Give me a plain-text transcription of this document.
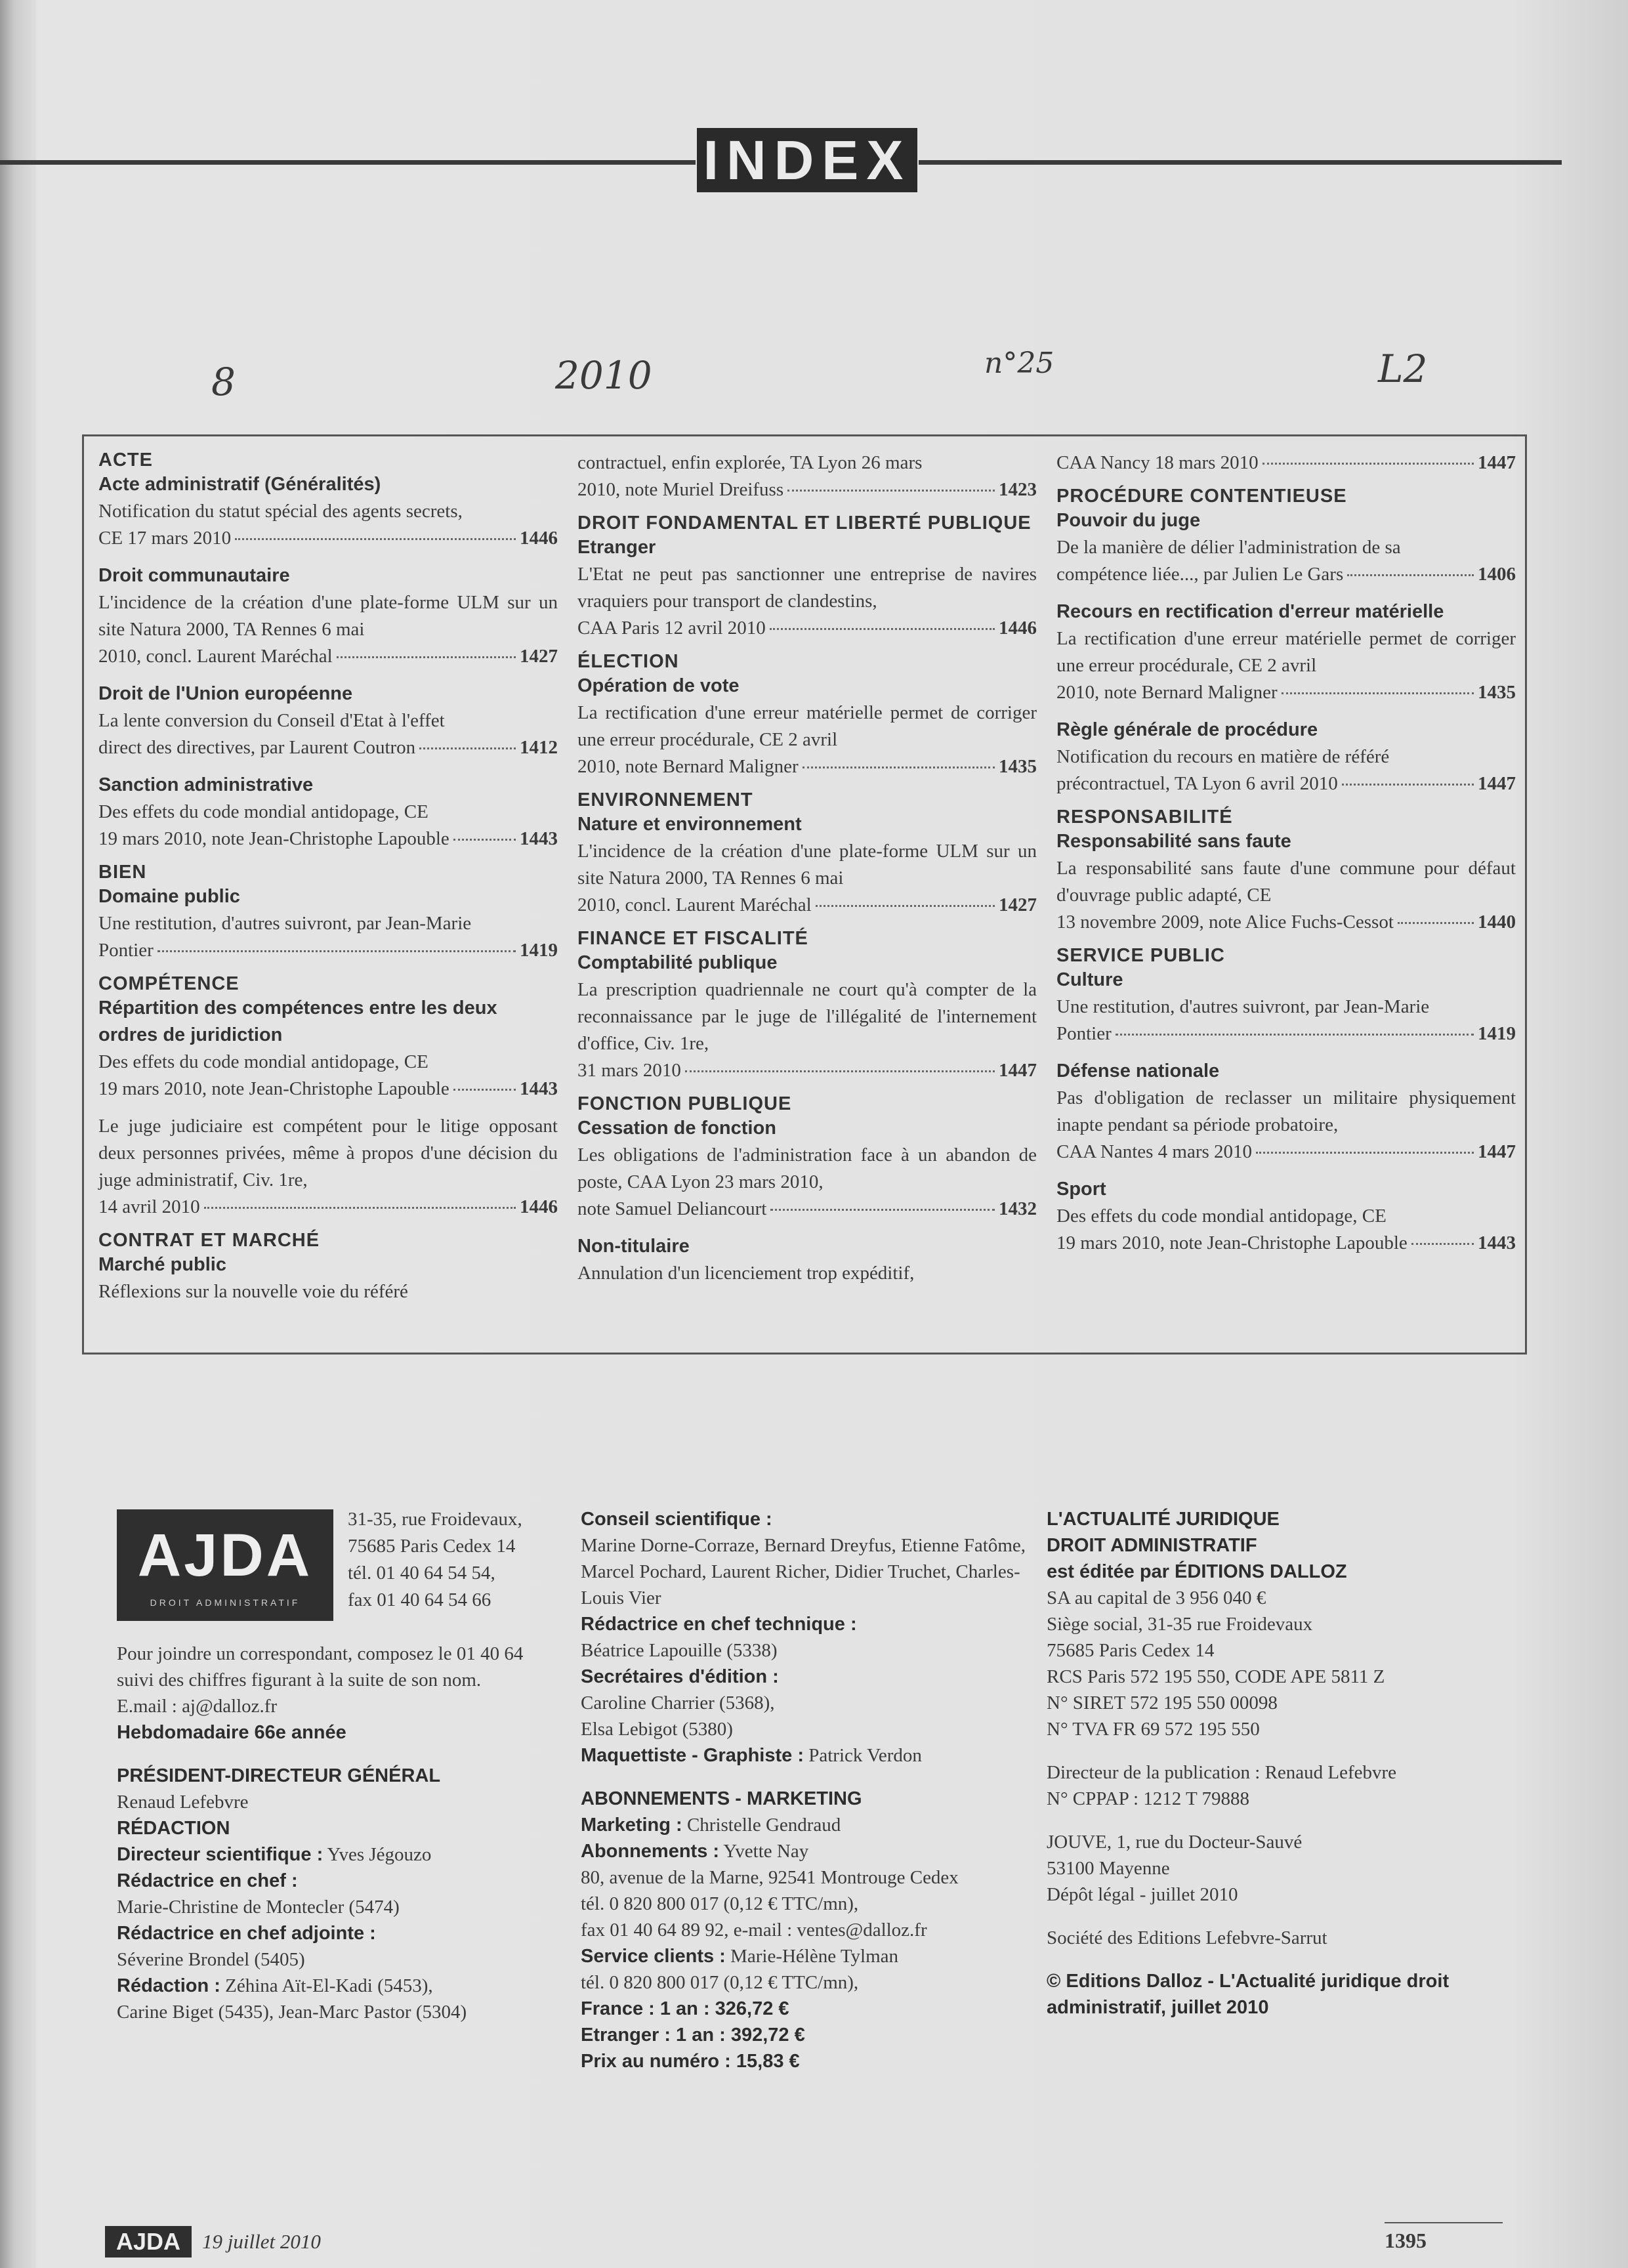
INDEX
8	2010	n°25	L2
ACTE
Acte administratif (Généralités)
Notification du statut spécial des agents secrets,
CE 17 mars 2010	1446
Droit communautaire
L'incidence de la création d'une plate-forme ULM sur un site Natura 2000, TA Rennes 6 mai
2010, concl. Laurent Maréchal	1427
Droit de l'Union européenne
La lente conversion du Conseil d'Etat à l'effet
direct des directives, par Laurent Coutron	1412
Sanction administrative
Des effets du code mondial antidopage, CE
19 mars 2010, note Jean-Christophe Lapouble	1443
BIEN
Domaine public
Une restitution, d'autres suivront, par Jean-Marie
Pontier	1419
COMPÉTENCE
Répartition des compétences entre les deux ordres de juridiction
Des effets du code mondial antidopage, CE
19 mars 2010, note Jean-Christophe Lapouble	1443
Le juge judiciaire est compétent pour le litige opposant deux personnes privées, même à propos d'une décision du juge administratif, Civ. 1re,
14 avril 2010	1446
CONTRAT ET MARCHÉ
Marché public
Réflexions sur la nouvelle voie du référé
contractuel, enfin explorée, TA Lyon 26 mars
2010, note Muriel Dreifuss	1423
DROIT FONDAMENTAL ET LIBERTÉ PUBLIQUE
Etranger
L'Etat ne peut pas sanctionner une entreprise de navires vraquiers pour transport de clandestins,
CAA Paris 12 avril 2010	1446
ÉLECTION
Opération de vote
La rectification d'une erreur matérielle permet de corriger une erreur procédurale, CE 2 avril
2010, note Bernard Maligner	1435
ENVIRONNEMENT
Nature et environnement
L'incidence de la création d'une plate-forme ULM sur un site Natura 2000, TA Rennes 6 mai
2010, concl. Laurent Maréchal	1427
FINANCE ET FISCALITÉ
Comptabilité publique
La prescription quadriennale ne court qu'à compter de la reconnaissance par le juge de l'illégalité de l'internement d'office, Civ. 1re,
31 mars 2010	1447
FONCTION PUBLIQUE
Cessation de fonction
Les obligations de l'administration face à un abandon de poste, CAA Lyon 23 mars 2010,
note Samuel Deliancourt	1432
Non-titulaire
Annulation d'un licenciement trop expéditif,
CAA Nancy 18 mars 2010	1447
PROCÉDURE CONTENTIEUSE
Pouvoir du juge
De la manière de délier l'administration de sa
compétence liée..., par Julien Le Gars	1406
Recours en rectification d'erreur matérielle
La rectification d'une erreur matérielle permet de corriger une erreur procédurale, CE 2 avril
2010, note Bernard Maligner	1435
Règle générale de procédure
Notification du recours en matière de référé
précontractuel, TA Lyon 6 avril 2010	1447
RESPONSABILITÉ
Responsabilité sans faute
La responsabilité sans faute d'une commune pour défaut d'ouvrage public adapté, CE
13 novembre 2009, note Alice Fuchs-Cessot	1440
SERVICE PUBLIC
Culture
Une restitution, d'autres suivront, par Jean-Marie
Pontier	1419
Défense nationale
Pas d'obligation de reclasser un militaire physiquement inapte pendant sa période probatoire,
CAA Nantes 4 mars 2010	1447
Sport
Des effets du code mondial antidopage, CE
19 mars 2010, note Jean-Christophe Lapouble	1443
AJDA
DROIT ADMINISTRATIF
31-35, rue Froidevaux,
75685 Paris Cedex 14
tél. 01 40 64 54 54,
fax 01 40 64 54 66
Pour joindre un correspondant, composez le 01 40 64 suivi des chiffres figurant à la suite de son nom.
E.mail : aj@dalloz.fr
Hebdomadaire 66e année
PRÉSIDENT-DIRECTEUR GÉNÉRAL
Renaud Lefebvre
RÉDACTION
Directeur scientifique : Yves Jégouzo
Rédactrice en chef :
Marie-Christine de Montecler (5474)
Rédactrice en chef adjointe :
Séverine Brondel (5405)
Rédaction : Zéhina Aït-El-Kadi (5453),
Carine Biget (5435), Jean-Marc Pastor (5304)
Conseil scientifique :
Marine Dorne-Corraze, Bernard Dreyfus, Etienne Fatôme, Marcel Pochard, Laurent Richer, Didier Truchet, Charles-Louis Vier
Rédactrice en chef technique :
Béatrice Lapouille (5338)
Secrétaires d'édition :
Caroline Charrier (5368),
Elsa Lebigot (5380)
Maquettiste - Graphiste : Patrick Verdon
ABONNEMENTS - MARKETING
Marketing : Christelle Gendraud
Abonnements : Yvette Nay
80, avenue de la Marne, 92541 Montrouge Cedex
tél. 0 820 800 017 (0,12 € TTC/mn),
fax 01 40 64 89 92, e-mail : ventes@dalloz.fr
Service clients : Marie-Hélène Tylman
tél. 0 820 800 017 (0,12 € TTC/mn),
France : 1 an : 326,72 €
Etranger : 1 an : 392,72 €
Prix au numéro : 15,83 €
L'ACTUALITÉ JURIDIQUE
DROIT ADMINISTRATIF
est éditée par ÉDITIONS DALLOZ
SA au capital de 3 956 040 €
Siège social, 31-35 rue Froidevaux
75685 Paris Cedex 14
RCS Paris 572 195 550, CODE APE 5811 Z
N° SIRET 572 195 550 00098
N° TVA FR 69 572 195 550
Directeur de la publication : Renaud Lefebvre
N° CPPAP : 1212 T 79888
JOUVE, 1, rue du Docteur-Sauvé
53100 Mayenne
Dépôt légal - juillet 2010
Société des Editions Lefebvre-Sarrut
© Editions Dalloz - L'Actualité juridique droit administratif, juillet 2010
AJDA	19 juillet 2010	1395
